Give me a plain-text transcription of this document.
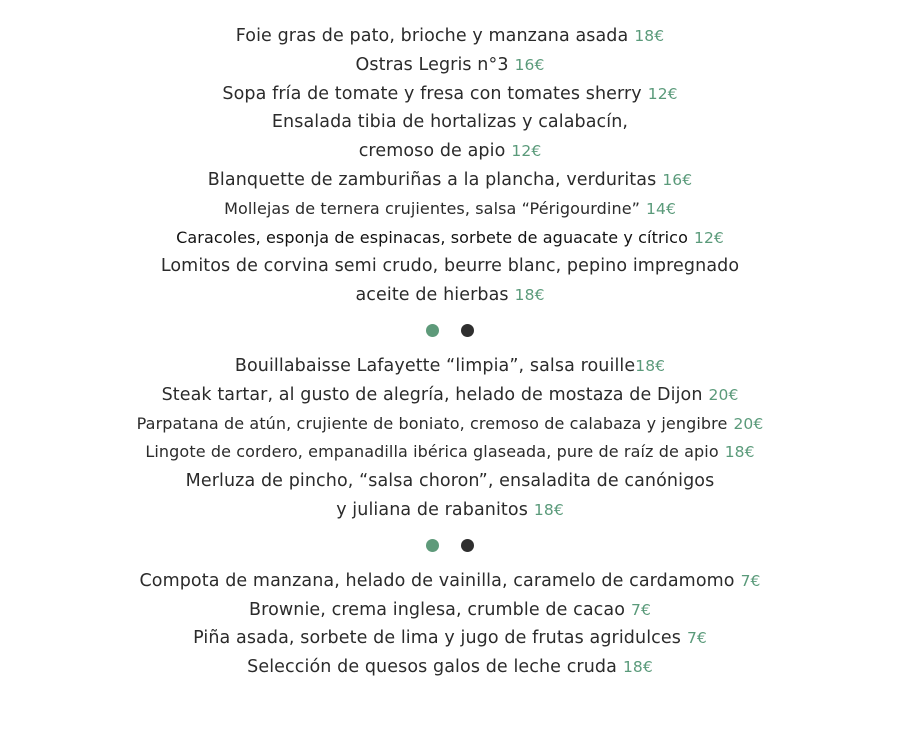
Foie gras de pato, brioche y manzana asada 18€
Ostras Legris n°3 16€
Sopa fría de tomate y fresa con tomates sherry 12€
Ensalada tibia de hortalizas y calabacín,
cremoso de apio 12€
Blanquette de zamburiñas a la plancha, verduritas 16€
Mollejas de ternera crujientes, salsa “Périgourdine” 14€
Caracoles, esponja de espinacas, sorbete de aguacate y cítrico 12€
Lomitos de corvina semi crudo, beurre blanc, pepino impregnado
aceite de hierbas 18€
Bouillabaisse Lafayette “limpia”, salsa rouille18€
Steak tartar, al gusto de alegría, helado de mostaza de Dijon 20€
Parpatana de atún, crujiente de boniato, cremoso de calabaza y jengibre 20€
Lingote de cordero, empanadilla ibérica glaseada, pure de raíz de apio 18€
Merluza de pincho, “salsa choron”, ensaladita de canónigos
y juliana de rabanitos 18€
Compota de manzana, helado de vainilla, caramelo de cardamomo 7€
Brownie, crema inglesa, crumble de cacao 7€
Piña asada, sorbete de lima y jugo de frutas agridulces 7€
Selección de quesos galos de leche cruda 18€
